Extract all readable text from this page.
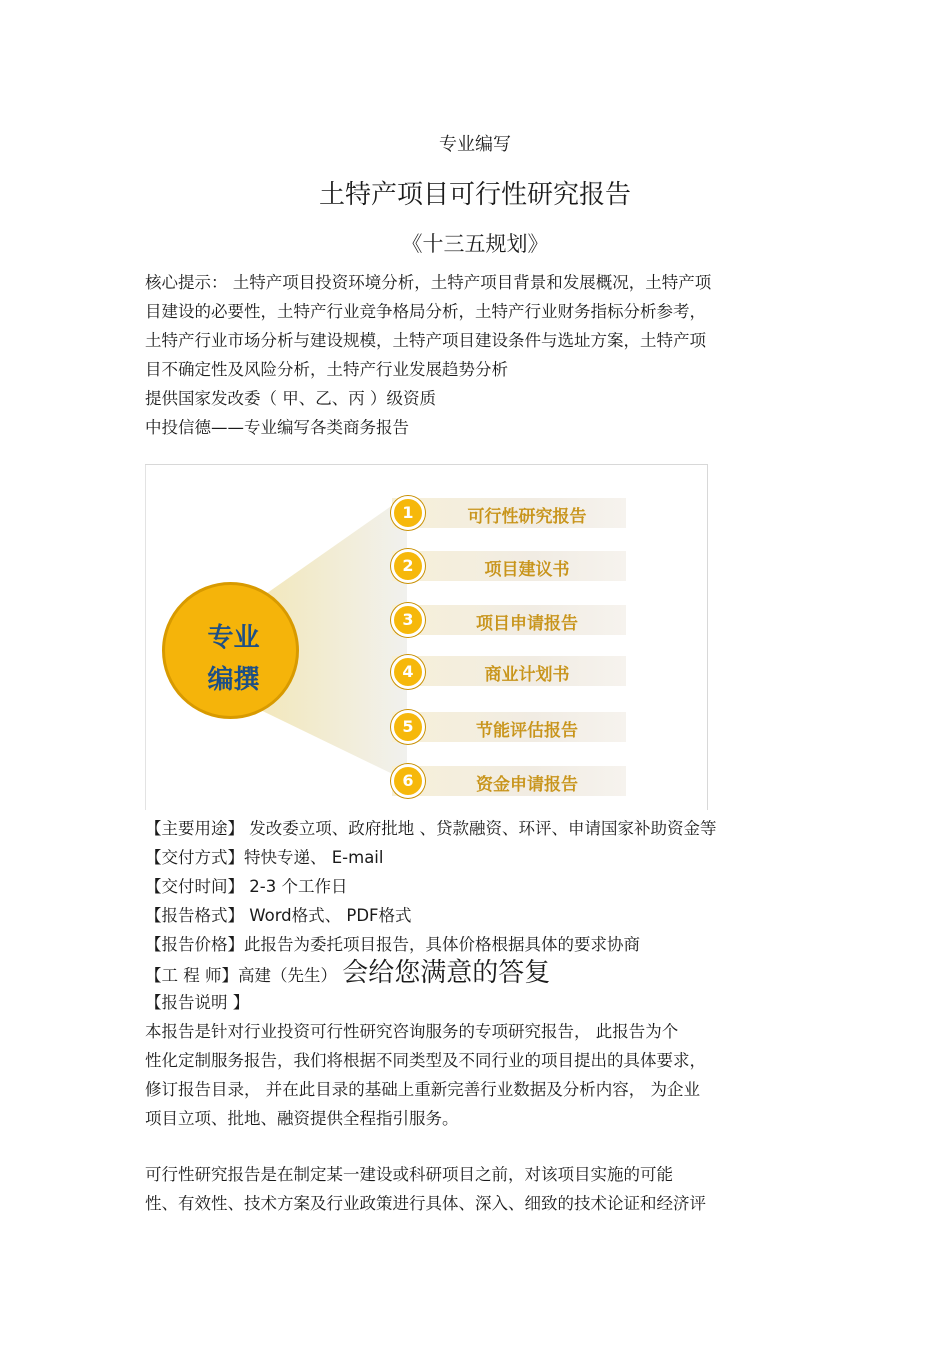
专业编写
土特产项目可行性研究报告
《十三五规划》
核心提示： 土特产项目投资环境分析，土特产项目背景和发展概况，土特产项
目建设的必要性，土特产行业竞争格局分析，土特产行业财务指标分析参考，
土特产行业市场分析与建设规模，土特产项目建设条件与选址方案，土特产项
目不确定性及风险分析，土特产行业发展趋势分析
提供国家发改委（ 甲、乙、丙 ）级资质
中投信德——专业编写各类商务报告
专业
编撰
1	可行性研究报告
2	项目建议书
3	项目申请报告
4	商业计划书
5	节能评估报告
6	资金申请报告
【主要用途】 发改委立项、政府批地 、贷款融资、环评、申请国家补助资金等
【交付方式】特快专递、 E-mail
【交付时间】 2-3 个工作日
【报告格式】 Word格式、 PDF格式
【报告价格】此报告为委托项目报告，具体价格根据具体的要求协商
【工 程 师】高建（先生） 会给您满意的答复
【报告说明 】
本报告是针对行业投资可行性研究咨询服务的专项研究报告， 此报告为个
性化定制服务报告，我们将根据不同类型及不同行业的项目提出的具体要求，
修订报告目录， 并在此目录的基础上重新完善行业数据及分析内容， 为企业
项目立项、批地、融资提供全程指引服务。
可行性研究报告是在制定某一建设或科研项目之前，对该项目实施的可能
性、有效性、技术方案及行业政策进行具体、深入、细致的技术论证和经济评
